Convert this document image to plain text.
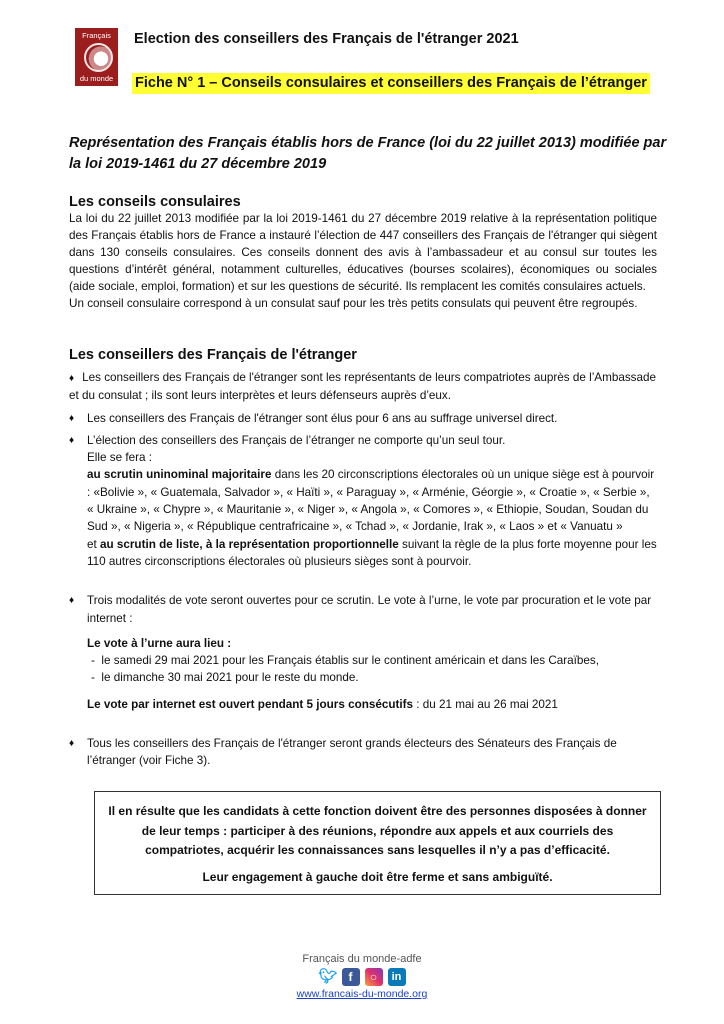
Français
du monde
Election des conseillers des Français de l'étranger 2021
Fiche N° 1 – Conseils consulaires et conseillers des Français de l’étranger
Représentation des Français établis hors de France (loi du 22 juillet 2013) modifiée par la loi 2019-1461 du 27 décembre 2019
Les conseils consulaires
La loi du 22 juillet 2013 modifiée par la loi 2019-1461 du 27 décembre 2019 relative à la représentation politique des Français établis hors de France a instauré l’élection de 447 conseillers des Français de l'étranger qui siègent dans 130 conseils consulaires. Ces conseils donnent des avis à l’ambassadeur et au consul sur toutes les questions d’intérêt général, notamment culturelles, éducatives (bourses scolaires), économiques ou sociales (aide sociale, emploi, formation) et sur les questions de sécurité. Ils remplacent les comités consulaires actuels.
Un conseil consulaire correspond à un consulat sauf pour les très petits consulats qui peuvent être regroupés.
Les conseillers des Français de l'étranger
♦ Les conseillers des Français de l'étranger sont les représentants de leurs compatriotes auprès de l’Ambassade et du consulat ; ils sont leurs interprètes et leurs défenseurs auprès d’eux.
♦ Les conseillers des Français de l'étranger sont élus pour 6 ans au suffrage universel direct.
♦ L’élection des conseillers des Français de l’étranger ne comporte qu’un seul tour.
Elle se fera :
au scrutin uninominal majoritaire dans les 20 circonscriptions électorales où un unique siège est à pourvoir : «Bolivie », « Guatemala, Salvador », « Haïti », « Paraguay », « Arménie, Géorgie », « Croatie », « Serbie », « Ukraine », « Chypre », « Mauritanie », « Niger », « Angola », « Comores », « Ethiopie, Soudan, Soudan du Sud », « Nigeria », « République centrafricaine », « Tchad », « Jordanie, Irak », « Laos » et « Vanuatu »
et au scrutin de liste, à la représentation proportionnelle suivant la règle de la plus forte moyenne pour les 110 autres circonscriptions électorales où plusieurs sièges sont à pourvoir.
♦ Trois modalités de vote seront ouvertes pour ce scrutin. Le vote à l’urne, le vote par procuration et le vote par internet :
Le vote à l’urne aura lieu :
-  le samedi 29 mai 2021 pour les Français établis sur le continent américain et dans les Caraïbes,
-  le dimanche 30 mai 2021 pour le reste du monde.
Le vote par internet est ouvert pendant 5 jours consécutifs : du 21 mai au 26 mai 2021
♦ Tous les conseillers des Français de l'étranger seront grands électeurs des Sénateurs des Français de l’étranger (voir Fiche 3).

Il en résulte que les candidats à cette fonction doivent être des personnes disposées à donner de leur temps : participer à des réunions, répondre aux appels et aux courriels des compatriotes, acquérir les connaissances sans lesquelles il n’y a pas d’efficacité.

Leur engagement à gauche doit être ferme et sans ambiguïté.

Français du monde-adfe
🐦︎ f	○	in
www.francais-du-monde.org
